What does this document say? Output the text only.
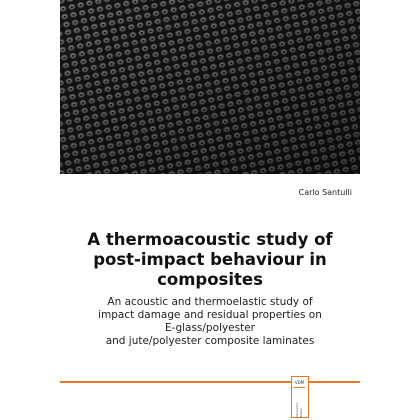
Carlo Santulli
A thermoacoustic study of
post-impact behaviour in
composites
An acoustic and thermoelastic study of
impact damage and residual properties on
E-glass/polyester
and jute/polyester composite laminates
VDM
Verlag Dr. Müller
